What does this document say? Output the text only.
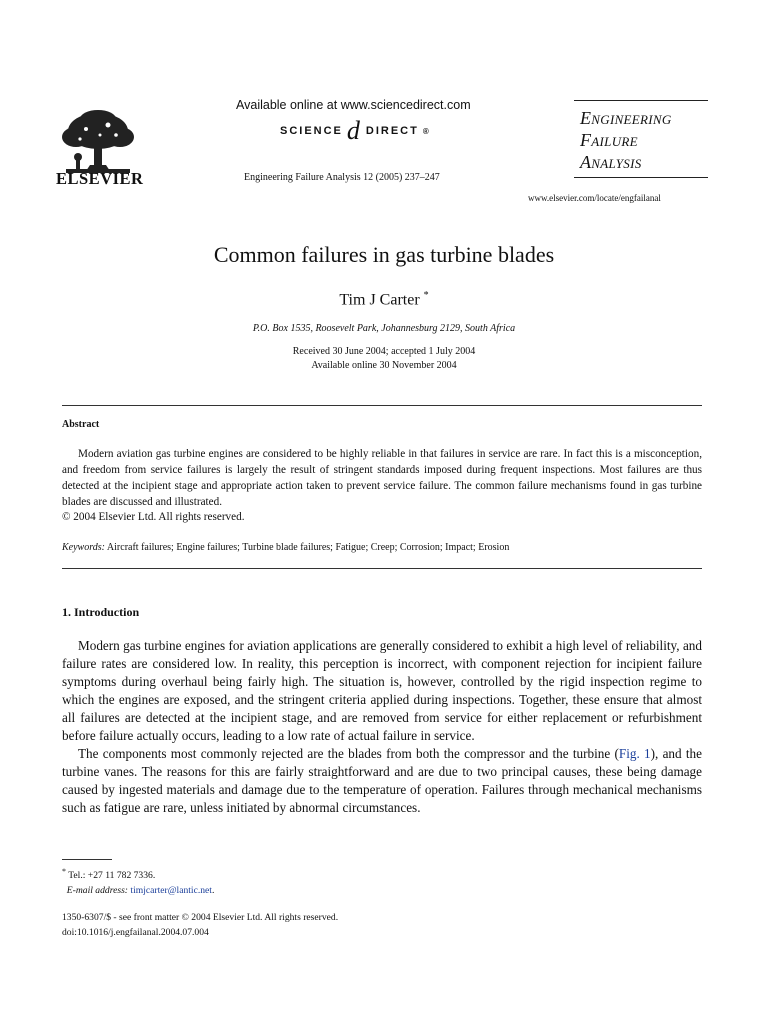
ELSEVIER
Available online at www.sciencedirect.com
SCIENCE d DIRECT ®
Engineering Failure Analysis 12 (2005) 237–247
Engineering
Failure
Analysis
www.elsevier.com/locate/engfailanal
Common failures in gas turbine blades
Tim J Carter *
P.O. Box 1535, Roosevelt Park, Johannesburg 2129, South Africa
Received 30 June 2004; accepted 1 July 2004
Available online 30 November 2004
Abstract

Modern aviation gas turbine engines are considered to be highly reliable in that failures in service are rare. In fact this is a misconception, and freedom from service failures is largely the result of stringent standards imposed during frequent inspections. Most failures are thus detected at the incipient stage and appropriate action taken to prevent service failure. The common failure mechanisms found in gas turbine blades are discussed and illustrated.

© 2004 Elsevier Ltd. All rights reserved.
Keywords: Aircraft failures; Engine failures; Turbine blade failures; Fatigue; Creep; Corrosion; Impact; Erosion
1. Introduction

Modern gas turbine engines for aviation applications are generally considered to exhibit a high level of reliability, and failure rates are considered low. In reality, this perception is incorrect, with component rejection for incipient failure symptoms during overhaul being fairly high. The situation is, however, controlled by the rigid inspection regime to which the engines are exposed, and the stringent criteria applied during inspections. Together, these ensure that almost all failures are detected at the incipient stage, and are removed from service for either replacement or refurbishment before failure actually occurs, leading to a low rate of actual failure in service.

The components most commonly rejected are the blades from both the compressor and the turbine (Fig. 1), and the turbine vanes. The reasons for this are fairly straightforward and are due to two principal causes, these being damage caused by ingested materials and damage due to the temperature of operation. Failures through mechanical mechanisms such as fatigue are rare, unless initiated by abnormal circumstances.

* Tel.: +27 11 782 7336.
E-mail address: timjcarter@lantic.net.
1350-6307/$ - see front matter © 2004 Elsevier Ltd. All rights reserved.
doi:10.1016/j.engfailanal.2004.07.004
